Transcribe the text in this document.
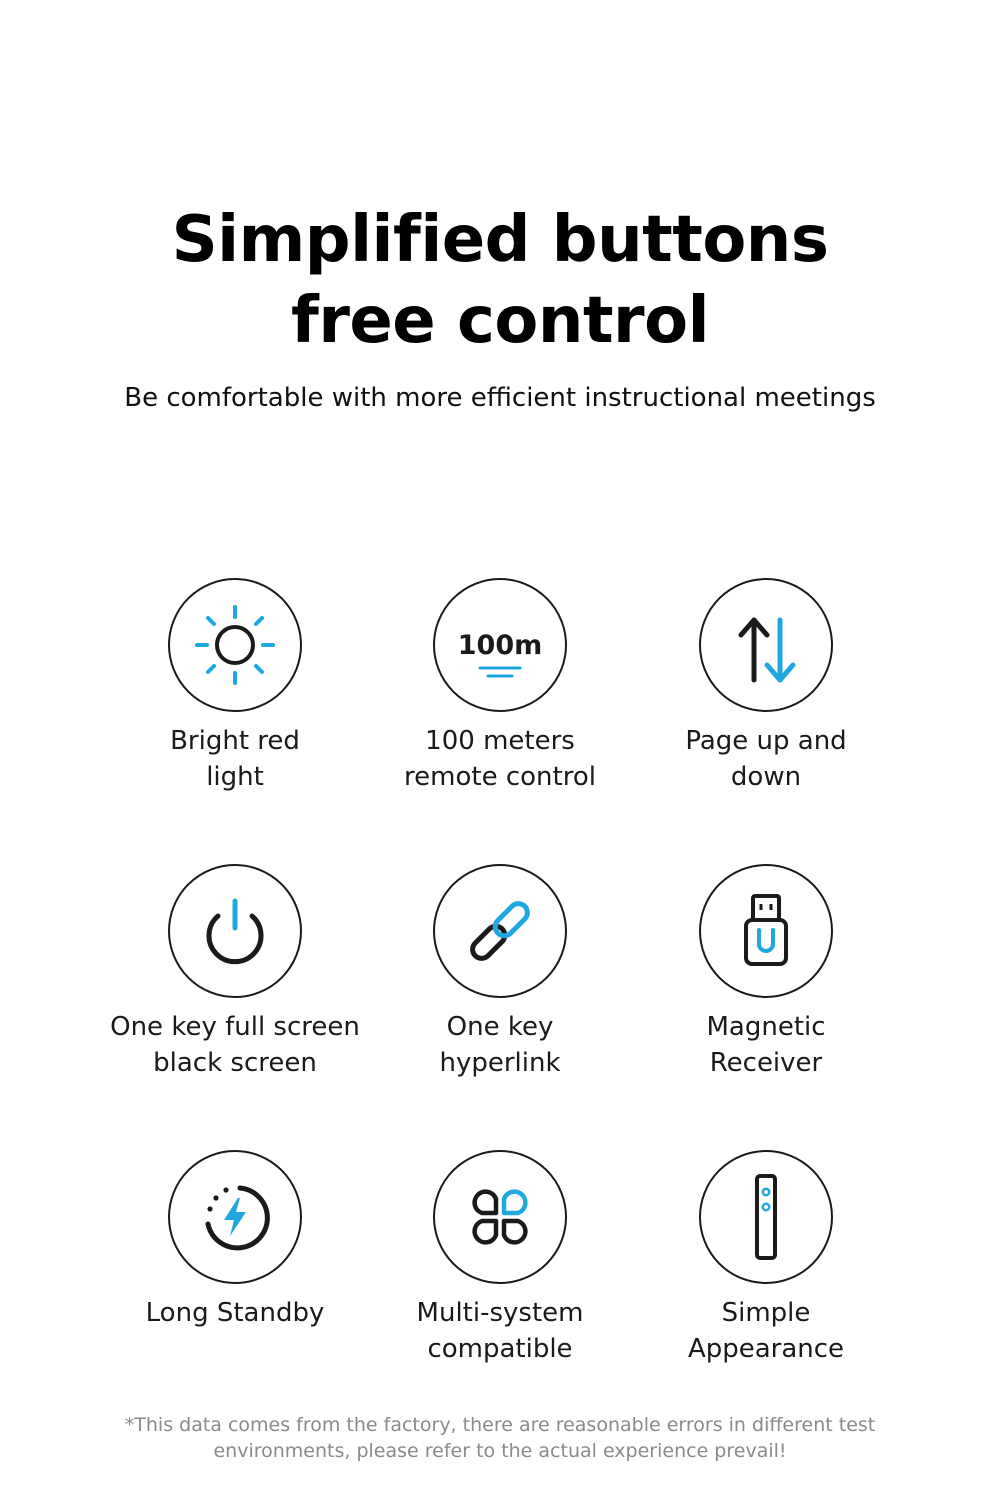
Simplified buttons
free control
Be comfortable with more efficient instructional meetings
Bright red
light
100m
100 meters
remote control
Page up and
down
One key full screen
black screen
One key
hyperlink
Magnetic
Receiver
Long Standby	Multi-system
compatible
Simple
Appearance
*This data comes from the factory, there are reasonable errors in different test
environments, please refer to the actual experience prevail!
